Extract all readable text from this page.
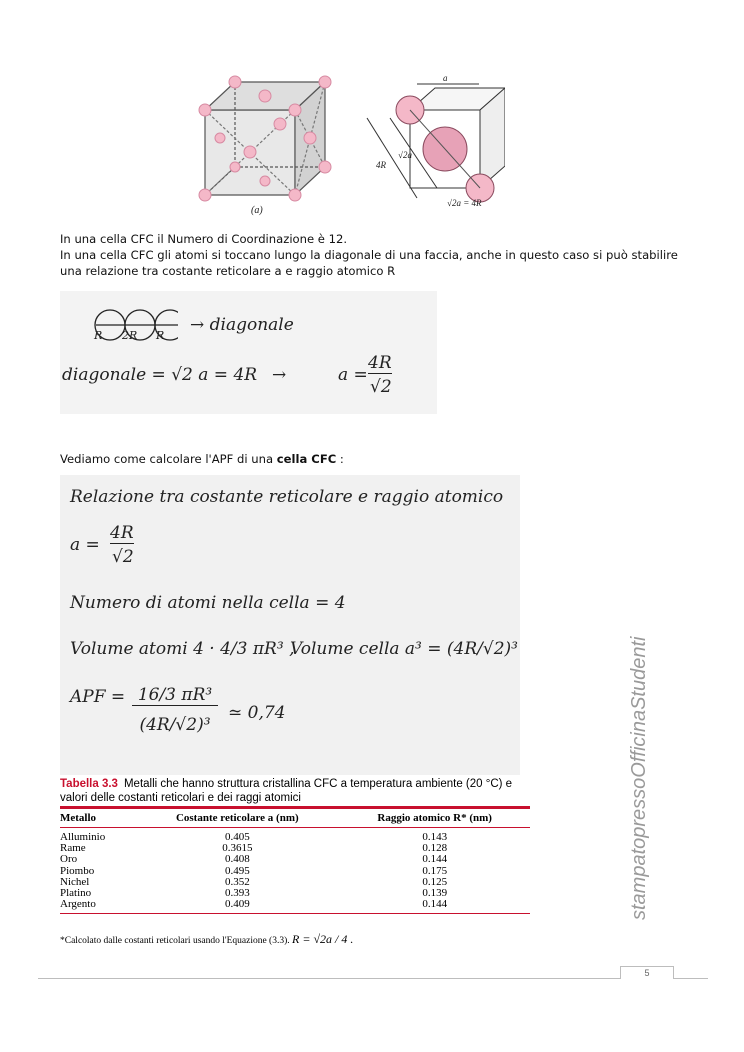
(a)
a
4R
√2a
√2a = 4R
In una cella CFC il Numero di Coordinazione è 12.
In una cella CFC gli atomi si toccano lungo la diagonale di una faccia, anche in questo caso si può stabilire
una relazione tra costante reticolare a e raggio atomico R
R 2R R
→ diagonale
diagonale = √2 a = 4R →	a =
4R
√2
Vediamo come calcolare l'APF di una cella CFC :
Relazione tra costante reticolare e raggio atomico
a =
4R
√2
Numero di atomi nella cella = 4
Volume atomi 4 · 4/3 πR³ ,
Volume cella a³ = (4R/√2)³
APF = 16/3 πR³
(4R/√2)³
≃ 0,74
Tabella 3.3 Metalli che hanno struttura cristallina CFC a temperatura ambiente (20 °C) e valori delle costanti reticolari e dei raggi atomici
Metallo	Costante reticolare a (nm)	Raggio atomico R* (nm)
Alluminio	0.405	0.143
Rame	0.3615	0.128
Oro	0.408	0.144
Piombo	0.495	0.175
Nichel	0.352	0.125
Platino	0.393	0.139
Argento	0.409	0.144
*Calcolato dalle costanti reticolari usando l'Equazione (3.3). R = √2a / 4 .
stampatopressoOfficinaStudenti
5
